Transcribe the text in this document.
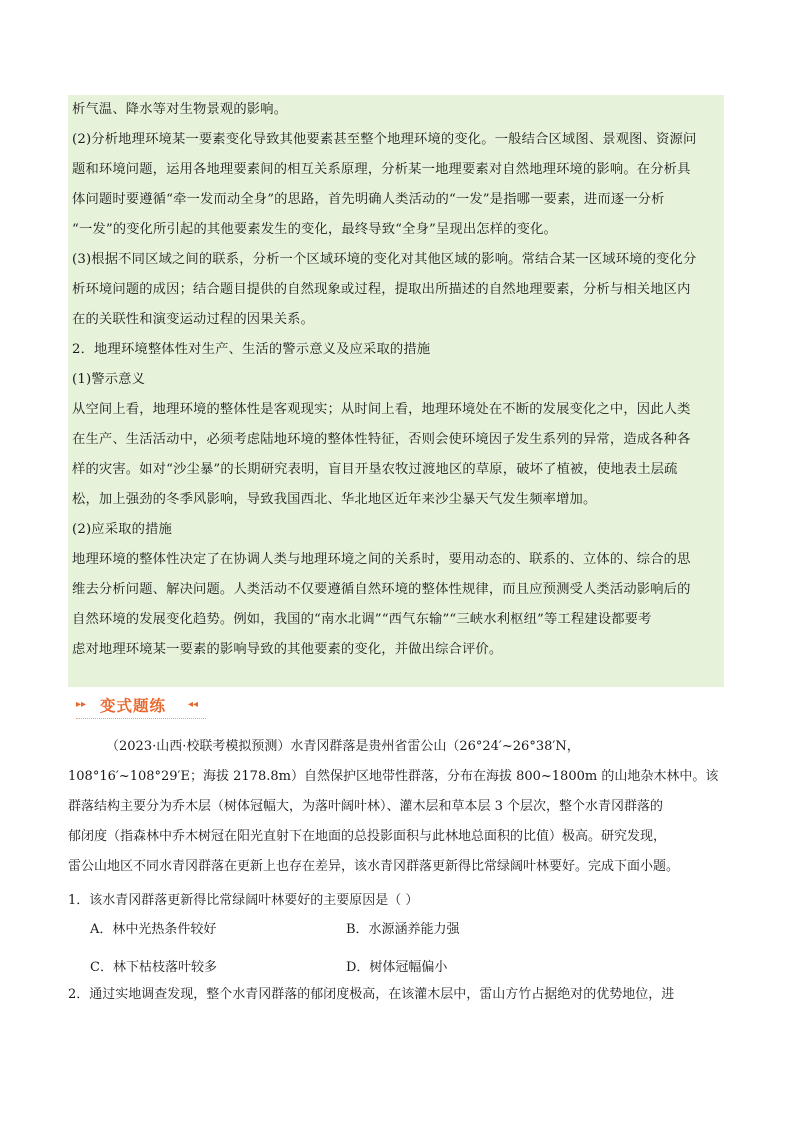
析气温、降水等对生物景观的影响。

(2)分析地理环境某一要素变化导致其他要素甚至整个地理环境的变化。一般结合区域图、景观图、资源问

题和环境问题，运用各地理要素间的相互关系原理，分析某一地理要素对自然地理环境的影响。在分析具

体问题时要遵循“牵一发而动全身”的思路，首先明确人类活动的“一发”是指哪一要素，进而逐一分析

“一发”的变化所引起的其他要素发生的变化，最终导致“全身”呈现出怎样的变化。

(3)根据不同区域之间的联系，分析一个区域环境的变化对其他区域的影响。常结合某一区域环境的变化分

析环境问题的成因；结合题目提供的自然现象或过程，提取出所描述的自然地理要素，分析与相关地区内

在的关联性和演变运动过程的因果关系。

2．地理环境整体性对生产、生活的警示意义及应采取的措施

(1)警示意义

从空间上看，地理环境的整体性是客观现实；从时间上看，地理环境处在不断的发展变化之中，因此人类

在生产、生活活动中，必须考虑陆地环境的整体性特征，否则会使环境因子发生系列的异常，造成各种各

样的灾害。如对“沙尘暴”的长期研究表明，盲目开垦农牧过渡地区的草原，破坏了植被，使地表土层疏

松，加上强劲的冬季风影响，导致我国西北、华北地区近年来沙尘暴天气发生频率增加。

(2)应采取的措施

地理环境的整体性决定了在协调人类与地理环境之间的关系时，要用动态的、联系的、立体的、综合的思

维去分析问题、解决问题。人类活动不仅要遵循自然环境的整体性规律，而且应预测受人类活动影响后的

自然环境的发展变化趋势。例如，我国的“南水北调”“西气东输”“三峡水利枢纽”等工程建设都要考

虑对地理环境某一要素的影响导致的其他要素的变化，并做出综合评价。

▸▸ 变式题练 ◂◂

（2023·山西·校联考模拟预测）水青冈群落是贵州省雷公山（26°24′~26°38′N，

108°16′~108°29′E；海拔 2178.8m）自然保护区地带性群落，分布在海拔 800~1800m 的山地杂木林中。该

群落结构主要分为乔木层（树体冠幅大，为落叶阔叶林）、灌木层和草本层 3 个层次，整个水青冈群落的

郁闭度（指森林中乔木树冠在阳光直射下在地面的总投影面积与此林地总面积的比值）极高。研究发现，

雷公山地区不同水青冈群落在更新上也存在差异，该水青冈群落更新得比常绿阔叶林要好。完成下面小题。

1．该水青冈群落更新得比常绿阔叶林要好的主要原因是（ ）

A．林中光热条件较好	B．水源涵养能力强
C．林下枯枝落叶较多	D．树体冠幅偏小

2．通过实地调查发现，整个水青冈群落的郁闭度极高，在该灌木层中，雷山方竹占据绝对的优势地位，进
